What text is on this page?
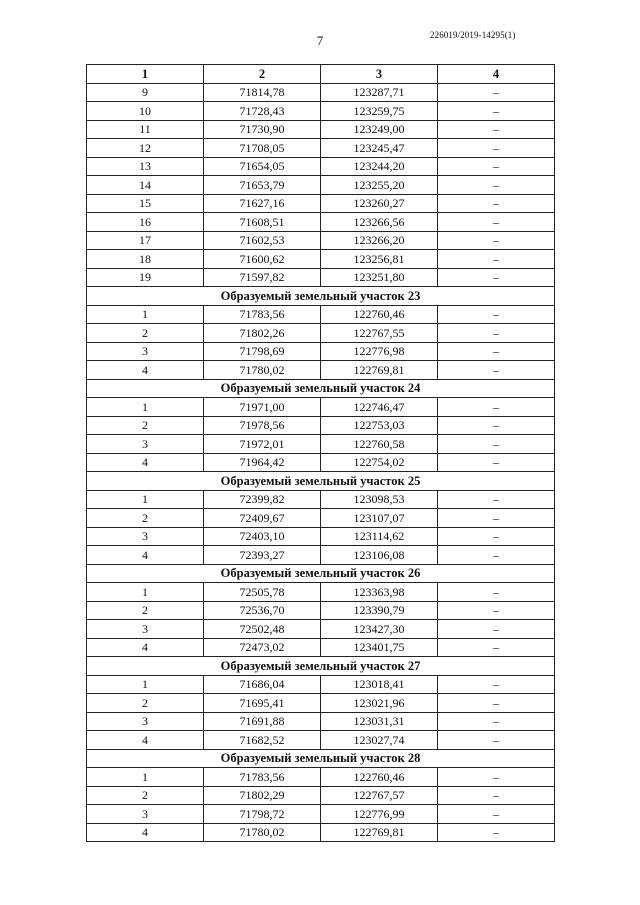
7	226019/2019-14295(1)
1	2	3	4
9	71814,78	123287,71	–
10	71728,43	123259,75	–
11	71730,90	123249,00	–
12	71708,05	123245,47	–
13	71654,05	123244,20	–
14	71653,79	123255,20	–
15	71627,16	123260,27	–
16	71608,51	123266,56	–
17	71602,53	123266,20	–
18	71600,62	123256,81	–
19	71597,82	123251,80	–
Образуемый земельный участок 23			
1	71783,56	122760,46	–
2	71802,26	122767,55	–
3	71798,69	122776,98	–
4	71780,02	122769,81	–
Образуемый земельный участок 24			
1	71971,00	122746,47	–
2	71978,56	122753,03	–
3	71972,01	122760,58	–
4	71964,42	122754,02	–
Образуемый земельный участок 25			
1	72399,82	123098,53	–
2	72409,67	123107,07	–
3	72403,10	123114,62	–
4	72393,27	123106,08	–
Образуемый земельный участок 26			
1	72505,78	123363,98	–
2	72536,70	123390,79	–
3	72502,48	123427,30	–
4	72473,02	123401,75	–
Образуемый земельный участок 27			
1	71686,04	123018,41	–
2	71695,41	123021,96	–
3	71691,88	123031,31	–
4	71682,52	123027,74	–
Образуемый земельный участок 28			
1	71783,56	122760,46	–
2	71802,29	122767,57	–
3	71798,72	122776,99	–
4	71780,02	122769,81	–
